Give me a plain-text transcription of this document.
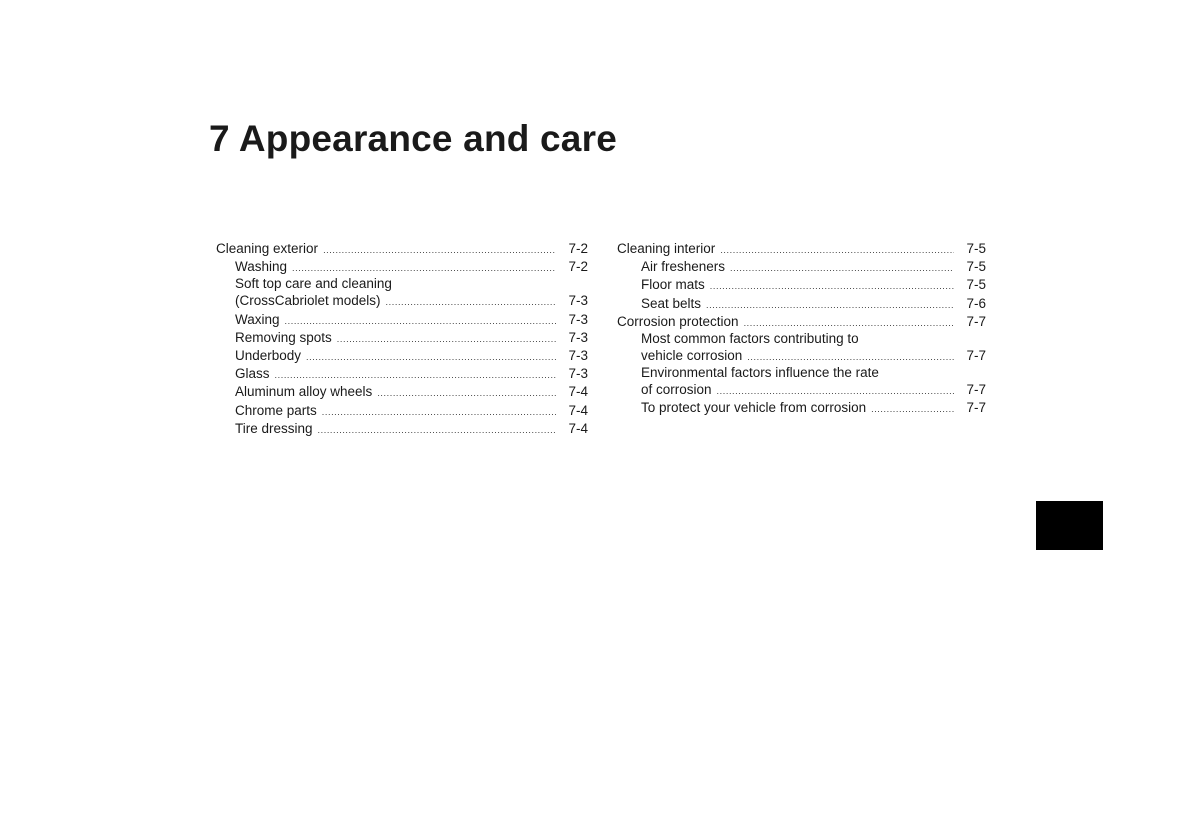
7 Appearance and care
Cleaning exterior .....	7-2
Washing .....	7-2
Soft top care and cleaning
(CrossCabriolet models) .....	7-3
Waxing .....	7-3
Removing spots .....	7-3
Underbody .....	7-3
Glass .....	7-3
Aluminum alloy wheels .....	7-4
Chrome parts .....	7-4
Tire dressing .....	7-4
Cleaning interior .....	7-5
Air fresheners .....	7-5
Floor mats .....	7-5
Seat belts .....	7-6
Corrosion protection .....	7-7
Most common factors contributing to
vehicle corrosion .....	7-7
Environmental factors influence the rate
of corrosion .....	7-7
To protect your vehicle from corrosion .....	7-7
